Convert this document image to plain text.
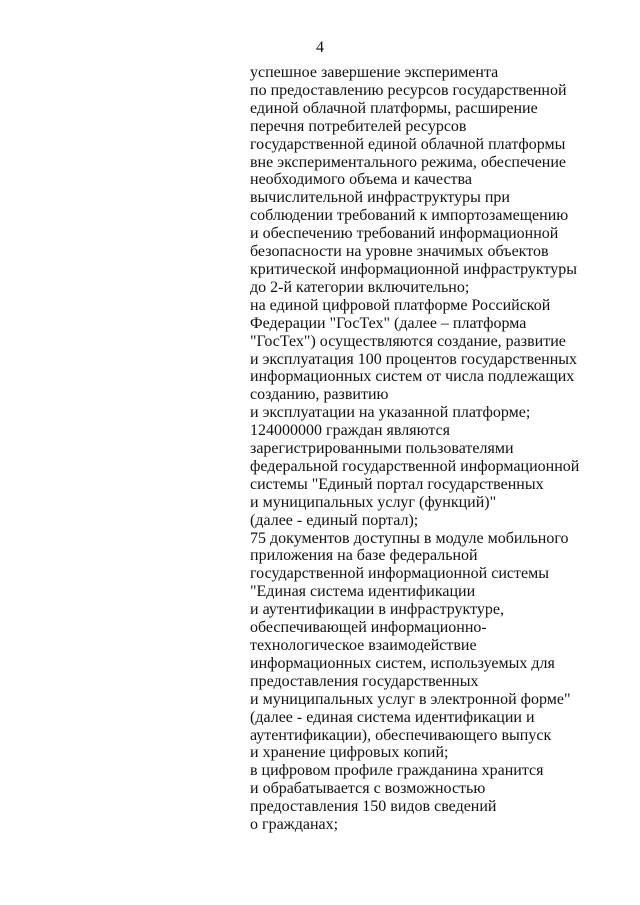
4
успешное завершение эксперимента
по предоставлению ресурсов государственной
единой облачной платформы, расширение
перечня потребителей ресурсов
государственной единой облачной платформы
вне экспериментального режима, обеспечение
необходимого объема и качества
вычислительной инфраструктуры при
соблюдении требований к импортозамещению
и обеспечению требований информационной
безопасности на уровне значимых объектов
критической информационной инфраструктуры
до 2-й категории включительно;
на единой цифровой платформе Российской
Федерации "ГосТех" (далее – платформа
"ГосТех") осуществляются создание, развитие
и эксплуатация 100 процентов государственных
информационных систем от числа подлежащих
созданию, развитию
и эксплуатации на указанной платформе;
124000000 граждан являются
зарегистрированными пользователями
федеральной государственной информационной
системы "Единый портал государственных
и муниципальных услуг (функций)"
(далее - единый портал);
75 документов доступны в модуле мобильного
приложения на базе федеральной
государственной информационной системы
"Единая система идентификации
и аутентификации в инфраструктуре,
обеспечивающей информационно-
технологическое взаимодействие
информационных систем, используемых для
предоставления государственных
и муниципальных услуг в электронной форме"
(далее - единая система идентификации и
аутентификации), обеспечивающего выпуск
и хранение цифровых копий;
в цифровом профиле гражданина хранится
и обрабатывается с возможностью
предоставления 150 видов сведений
о гражданах;
